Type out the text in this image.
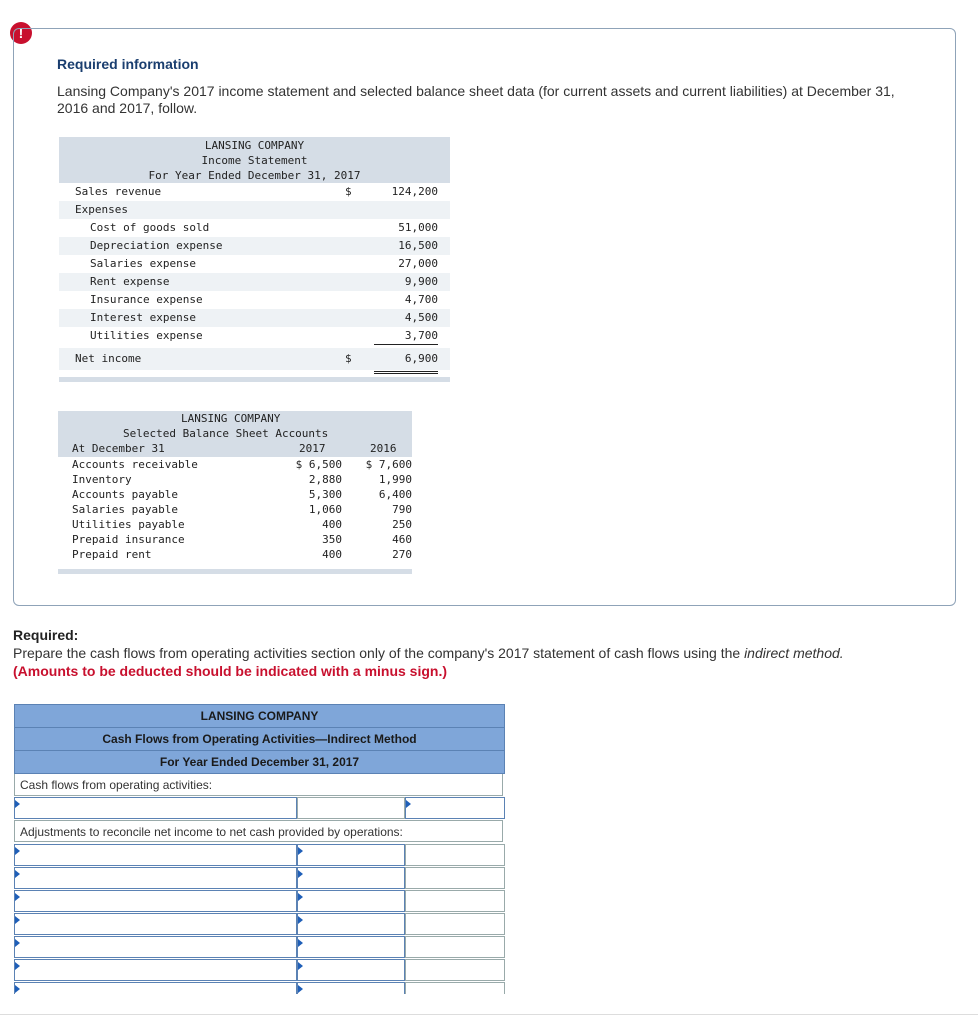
!
Required information
Lansing Company's 2017 income statement and selected balance sheet data (for current assets and current liabilities) at December 31, 2016 and 2017, follow.
LANSING COMPANY
Income Statement
For Year Ended December 31, 2017
Sales revenue	$	124,200
Expenses
Cost of goods sold	51,000
Depreciation expense	16,500
Salaries expense	27,000
Rent expense	9,900
Insurance expense	4,700
Interest expense	4,500
Utilities expense	3,700
Net income	$	6,900
LANSING COMPANY
Selected Balance Sheet Accounts
At December 31	2017	2016
Accounts receivable	$ 6,500 $ 7,600
Inventory	2,880	1,990
Accounts payable	5,300	6,400
Salaries payable	1,060	790
Utilities payable	400	250
Prepaid insurance	350	460
Prepaid rent	400	270
Required:
Prepare the cash flows from operating activities section only of the company's 2017 statement of cash flows using the indirect method.
(Amounts to be deducted should be indicated with a minus sign.)
LANSING COMPANY
Cash Flows from Operating Activities—Indirect Method
For Year Ended December 31, 2017
Cash flows from operating activities:
Adjustments to reconcile net income to net cash provided by operations:
